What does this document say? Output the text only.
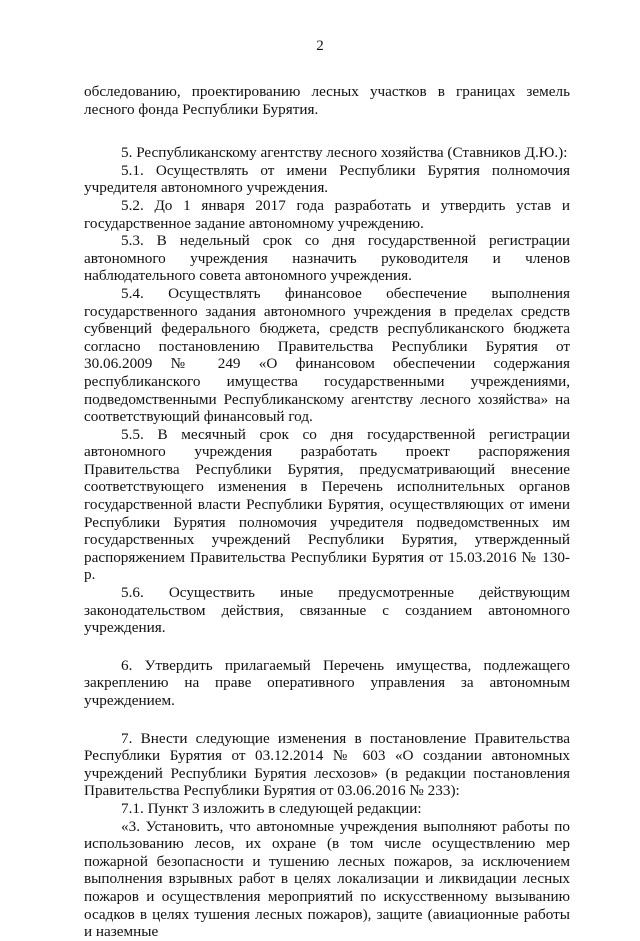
2

обследованию, проектированию лесных участков в границах земель лесного фонда Республики Бурятия.

5. Республиканскому агентству лесного хозяйства (Ставников Д.Ю.):

5.1. Осуществлять от имени Республики Бурятия полномочия учредителя автономного учреждения.

5.2. До 1 января 2017 года разработать и утвердить устав и государственное задание автономному учреждению.

5.3. В недельный срок со дня государственной регистрации автономного учреждения назначить руководителя и членов наблюдательного совета автономного учреждения.

5.4. Осуществлять финансовое обеспечение выполнения государственного задания автономного учреждения в пределах средств субвенций федерального бюджета, средств республиканского бюджета согласно постановлению Правительства Республики Бурятия от 30.06.2009 № 249 «О финансовом обеспечении содержания республиканского имущества государственными учреждениями, подведомственными Республиканскому агентству лесного хозяйства» на соответствующий финансовый год.

5.5. В месячный срок со дня государственной регистрации автономного учреждения разработать проект распоряжения Правительства Республики Бурятия, предусматривающий внесение соответствующего изменения в Перечень исполнительных органов государственной власти Республики Бурятия, осуществляющих от имени Республики Бурятия полномочия учредителя подведомственных им государственных учреждений Республики Бурятия, утвержденный распоряжением Правительства Республики Бурятия от 15.03.2016 № 130-р.

5.6. Осуществить иные предусмотренные действующим законодательством действия, связанные с созданием автономного учреждения.

6. Утвердить прилагаемый Перечень имущества, подлежащего закреплению на праве оперативного управления за автономным учреждением.

7. Внести следующие изменения в постановление Правительства Республики Бурятия от 03.12.2014 № 603 «О создании автономных учреждений Республики Бурятия лесхозов» (в редакции постановления Правительства Республики Бурятия от 03.06.2016 № 233):

7.1. Пункт 3 изложить в следующей редакции:

«3. Установить, что автономные учреждения выполняют работы по использованию лесов, их охране (в том числе осуществлению мер пожарной безопасности и тушению лесных пожаров, за исключением выполнения взрывных работ в целях локализации и ликвидации лесных пожаров и осуществления мероприятий по искусственному вызыванию осадков в целях тушения лесных пожаров), защите (авиационные работы и наземные
